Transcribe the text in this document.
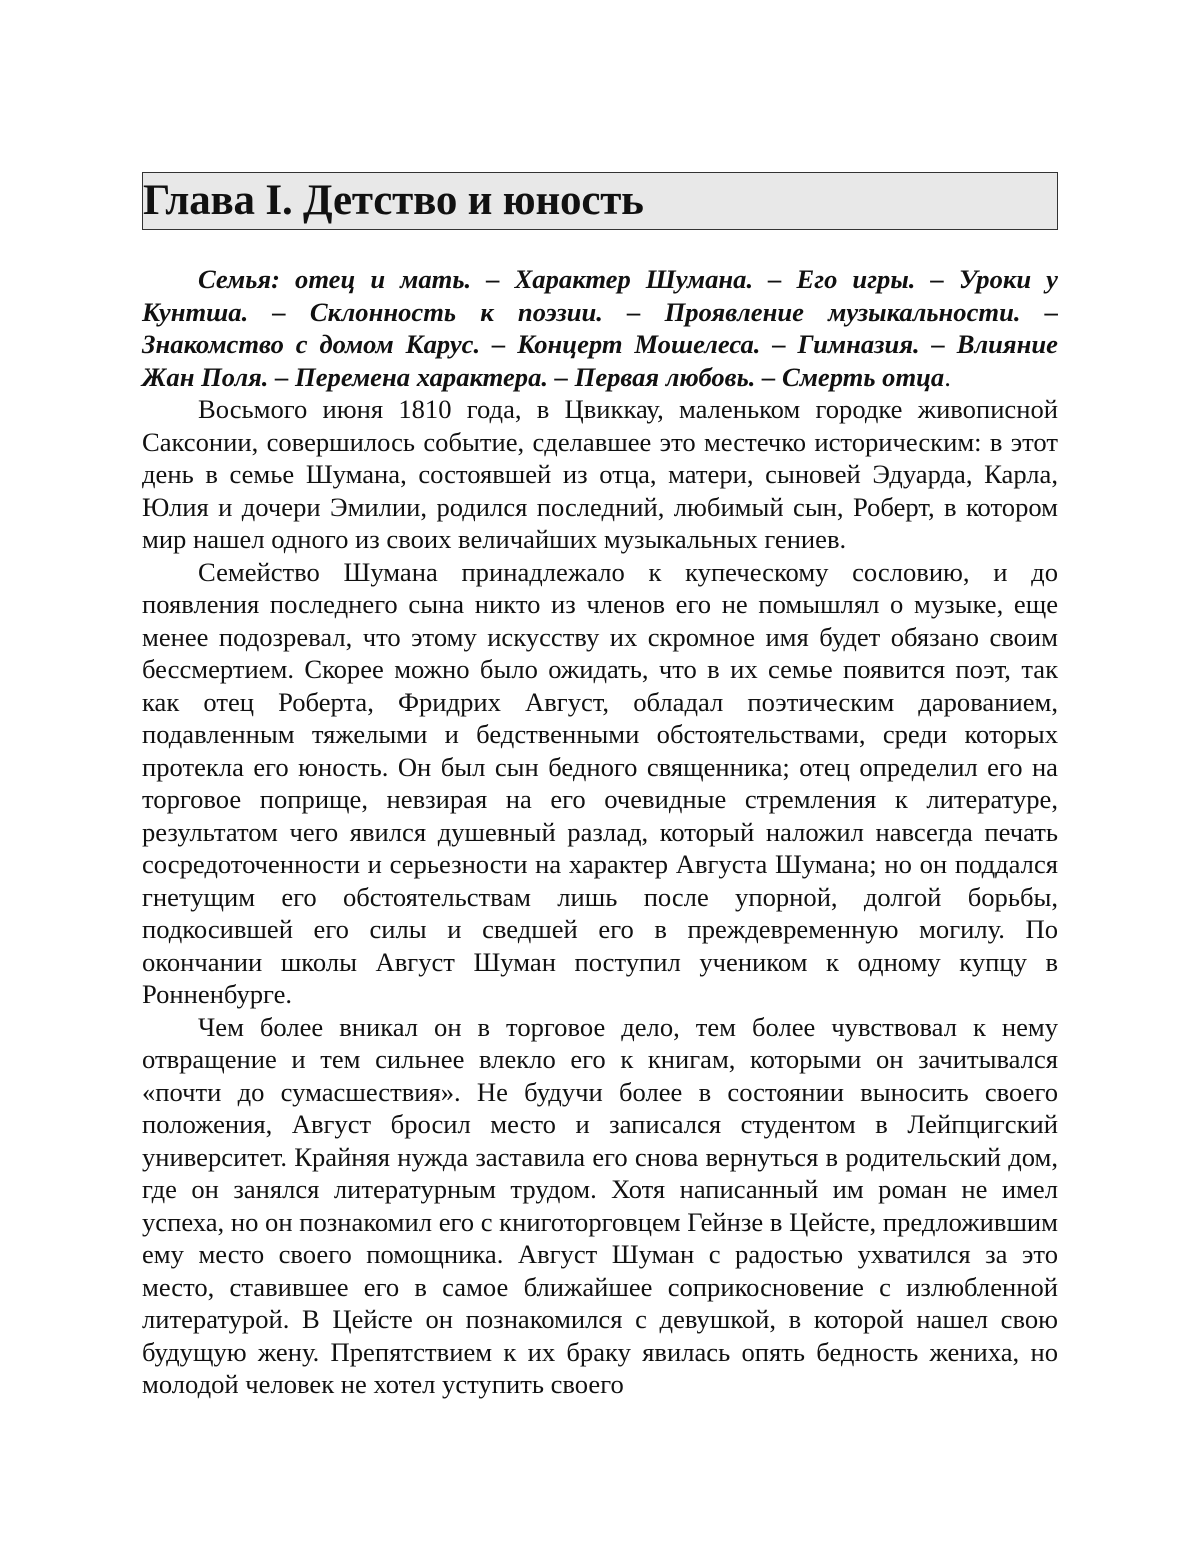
Глава I. Детство и юность

Семья: отец и мать. – Характер Шумана. – Его игры. – Уроки у Кунтша. – Склонность к поэзии. – Проявление музыкальности. – Знакомство с домом Карус. – Концерт Мошелеса. – Гимназия. – Влияние Жан Поля. – Перемена характера. – Первая любовь. – Смерть отца.

Восьмого июня 1810 года, в Цвиккау, маленьком городке живописной Саксонии, совершилось событие, сделавшее это местечко историческим: в этот день в семье Шумана, состоявшей из отца, матери, сыновей Эдуарда, Карла, Юлия и дочери Эмилии, родился последний, любимый сын, Роберт, в котором мир нашел одного из своих величайших музыкальных гениев.

Семейство Шумана принадлежало к купеческому сословию, и до появления последнего сына никто из членов его не помышлял о музыке, еще менее подозревал, что этому искусству их скромное имя будет обязано своим бессмертием. Скорее можно было ожидать, что в их семье появится поэт, так как отец Роберта, Фридрих Август, обладал поэтическим дарованием, подавленным тяжелыми и бедственными обстоятельствами, среди которых протекла его юность. Он был сын бедного священника; отец определил его на торговое поприще, невзирая на его очевидные стремления к литературе, результатом чего явился душевный разлад, который наложил навсегда печать сосредоточенности и серьезности на характер Августа Шумана; но он поддался гнетущим его обстоятельствам лишь после упорной, долгой борьбы, подкосившей его силы и сведшей его в преждевременную могилу. По окончании школы Август Шуман поступил учеником к одному купцу в Ронненбурге.

Чем более вникал он в торговое дело, тем более чувствовал к нему отвращение и тем сильнее влекло его к книгам, которыми он зачитывался «почти до сумасшествия». Не будучи более в состоянии выносить своего положения, Август бросил место и записался студентом в Лейпцигский университет. Крайняя нужда заставила его снова вернуться в родительский дом, где он занялся литературным трудом. Хотя написанный им роман не имел успеха, но он познакомил его с книготорговцем Гейнзе в Цейсте, предложившим ему место своего помощника. Август Шуман с радостью ухватился за это место, ставившее его в самое ближайшее соприкосновение с излюбленной литературой. В Цейсте он познакомился с девушкой, в которой нашел свою будущую жену. Препятствием к их браку явилась опять бедность жениха, но молодой человек не хотел уступить своего
